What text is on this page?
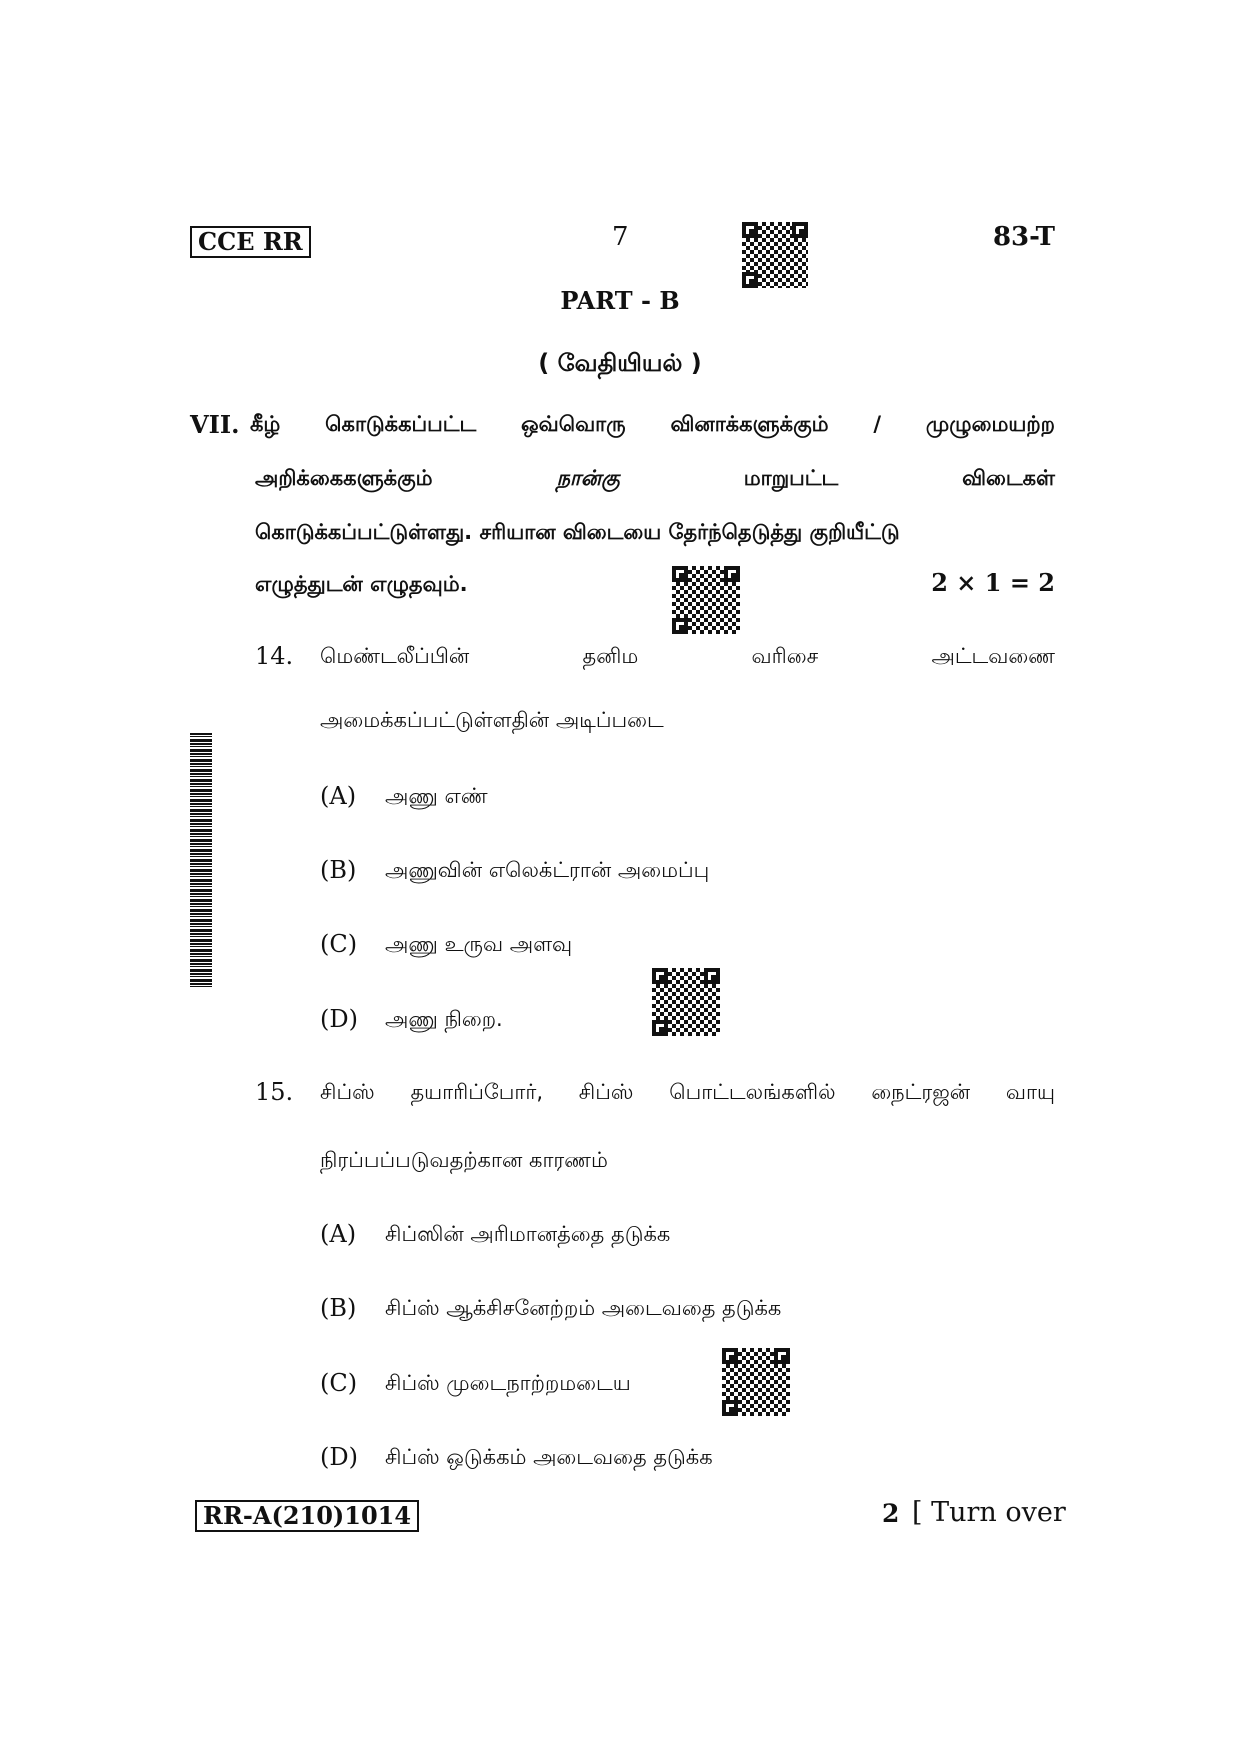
CCE RR	7	83-T
PART - B
( வேதியியல் )
VII. கீழ் கொடுக்கப்பட்ட ஒவ்வொரு வினாக்களுக்கும் / முழுமையற்ற
அறிக்கைகளுக்கும்	நான்கு	மாறுபட்ட	விடைகள்
கொடுக்கப்பட்டுள்ளது. சரியான விடையை தேர்ந்தெடுத்து குறியீட்டு
எழுத்துடன் எழுதவும்.	2 × 1 = 2
14. மெண்டலீப்பின்	தனிம	வரிசை	அட்டவணை
அமைக்கப்பட்டுள்ளதின் அடிப்படை
(A) அணு எண்
(B) அணுவின் எலெக்ட்ரான் அமைப்பு
(C) அணு உருவ அளவு
(D) அணு நிறை.
15. சிப்ஸ் தயாரிப்போர், சிப்ஸ் பொட்டலங்களில் நைட்ரஜன் வாயு
நிரப்பப்படுவதற்கான காரணம்
(A) சிப்ஸின் அரிமானத்தை தடுக்க
(B) சிப்ஸ் ஆக்சிசனேற்றம் அடைவதை தடுக்க
(C) சிப்ஸ் முடைநாற்றமடைய
(D) சிப்ஸ் ஒடுக்கம் அடைவதை தடுக்க
RR-A(210)1014	2 [ Turn over
